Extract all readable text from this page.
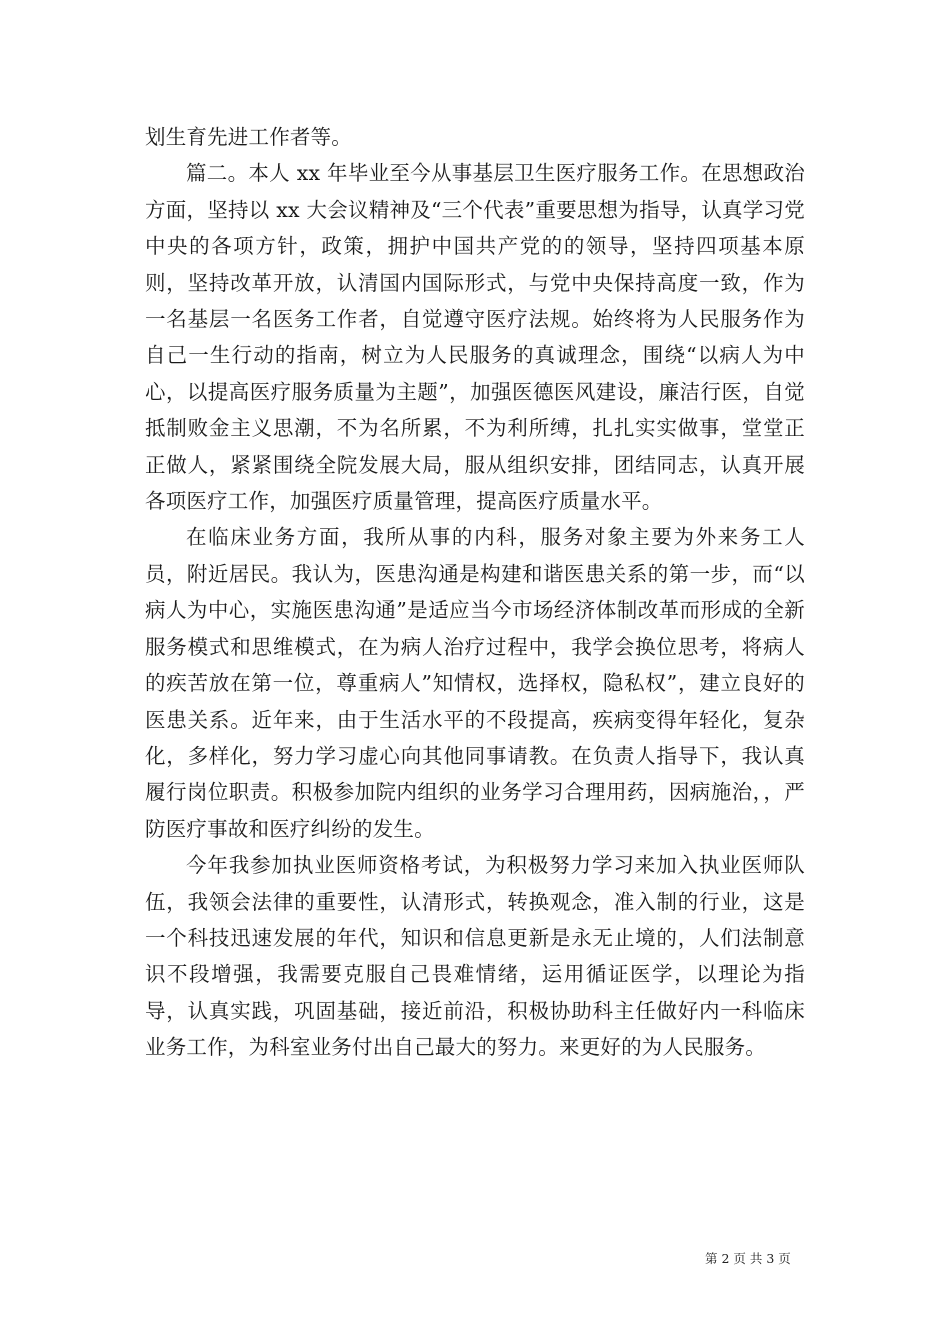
划生育先进工作者等。

篇二。本人 xx 年毕业至今从事基层卫生医疗服务工作。在思想政治方面，坚持以 xx 大会议精神及“三个代表”重要思想为指导，认真学习党中央的各项方针，政策，拥护中国共产党的的领导，坚持四项基本原则，坚持改革开放，认清国内国际形式，与党中央保持高度一致，作为一名基层一名医务工作者，自觉遵守医疗法规。始终将为人民服务作为自己一生行动的指南，树立为人民服务的真诚理念，围绕“以病人为中心，以提高医疗服务质量为主题”，加强医德医风建设，廉洁行医，自觉抵制败金主义思潮，不为名所累，不为利所缚，扎扎实实做事，堂堂正正做人，紧紧围绕全院发展大局，服从组织安排，团结同志，认真开展各项医疗工作，加强医疗质量管理，提高医疗质量水平。

在临床业务方面，我所从事的内科，服务对象主要为外来务工人员，附近居民。我认为，医患沟通是构建和谐医患关系的第一步，而“以病人为中心，实施医患沟通”是适应当今市场经济体制改革而形成的全新服务模式和思维模式，在为病人治疗过程中，我学会换位思考，将病人的疾苦放在第一位，尊重病人”知情权，选择权，隐私权”，建立良好的医患关系。近年来，由于生活水平的不段提高，疾病变得年轻化，复杂化，多样化，努力学习虚心向其他同事请教。在负责人指导下，我认真履行岗位职责。积极参加院内组织的业务学习合理用药，因病施治，，严防医疗事故和医疗纠纷的发生。

今年我参加执业医师资格考试，为积极努力学习来加入执业医师队伍，我领会法律的重要性，认清形式，转换观念，准入制的行业，这是一个科技迅速发展的年代，知识和信息更新是永无止境的，人们法制意识不段增强，我需要克服自己畏难情绪，运用循证医学，以理论为指导，认真实践，巩固基础，接近前沿，积极协助科主任做好内一科临床业务工作，为科室业务付出自己最大的努力。来更好的为人民服务。

第 2 页 共 3 页
